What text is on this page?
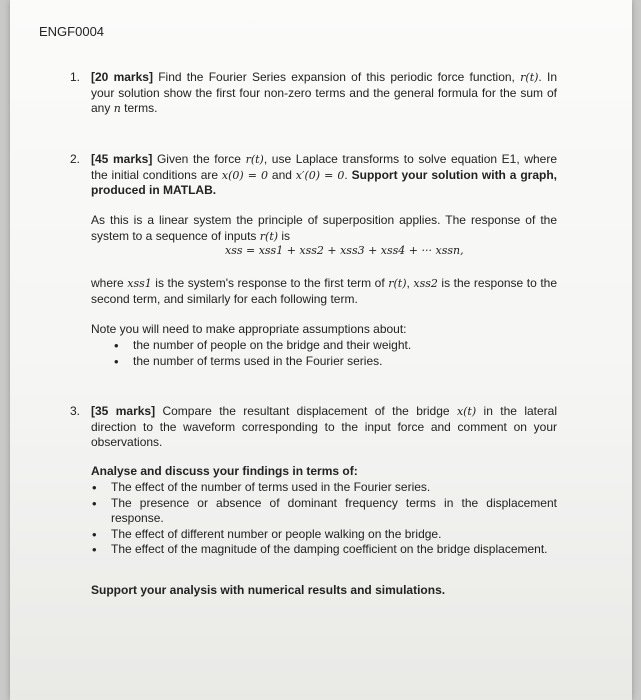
ENGF0004
1. [20 marks] Find the Fourier Series expansion of this periodic force function, r(t). In your solution show the first four non-zero terms and the general formula for the sum of any n terms.
2. [45 marks] Given the force r(t), use Laplace transforms to solve equation E1, where the initial conditions are x(0) = 0 and x′(0) = 0. Support your solution with a graph, produced in MATLAB.
As this is a linear system the principle of superposition applies. The response of the system to a sequence of inputs r(t) is
xss = xss1 + xss2 + xss3 + xss4 + ··· xssn,
where xss1 is the system's response to the first term of r(t), xss2 is the response to the second term, and similarly for each following term.
Note you will need to make appropriate assumptions about:
• the number of people on the bridge and their weight.
• the number of terms used in the Fourier series.
3. [35 marks] Compare the resultant displacement of the bridge x(t) in the lateral direction to the waveform corresponding to the input force and comment on your observations.
Analyse and discuss your findings in terms of:
• The effect of the number of terms used in the Fourier series.
• The presence or absence of dominant frequency terms in the displacement response.
• The effect of different number or people walking on the bridge.
• The effect of the magnitude of the damping coefficient on the bridge displacement.
Support your analysis with numerical results and simulations.
